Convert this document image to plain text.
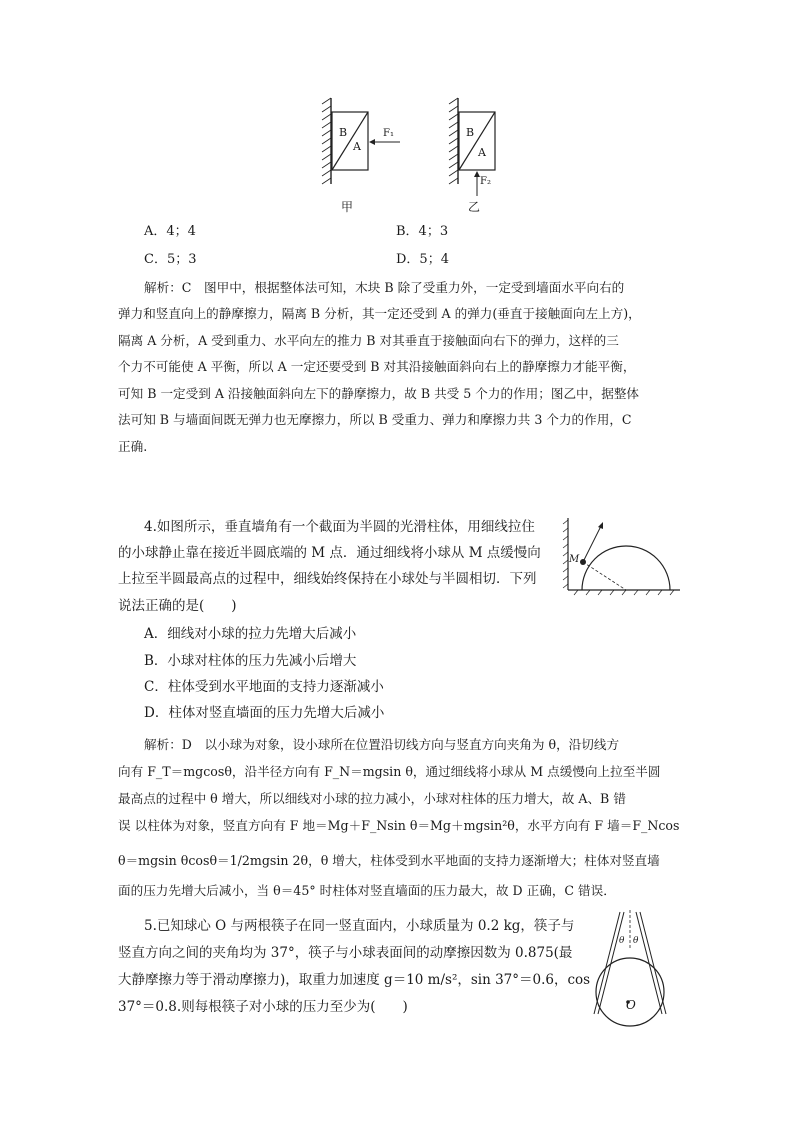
B
A
F₁	B
A
F₂
甲	乙
A．4；4	B．4；3
C．5；3	D．5；4
解析：C　图甲中，根据整体法可知，木块 B 除了受重力外，一定受到墙面水平向右的
弹力和竖直向上的静摩擦力，隔离 B 分析，其一定还受到 A 的弹力(垂直于接触面向左上方)，
隔离 A 分析，A 受到重力、水平向左的推力 B 对其垂直于接触面向右下的弹力，这样的三
个力不可能使 A 平衡，所以 A 一定还要受到 B 对其沿接触面斜向右上的静摩擦力才能平衡，
可知 B 一定受到 A 沿接触面斜向左下的静摩擦力，故 B 共受 5 个力的作用；图乙中，据整体
法可知 B 与墙面间既无弹力也无摩擦力，所以 B 受重力、弹力和摩擦力共 3 个力的作用，C
正确.
4.如图所示，垂直墙角有一个截面为半圆的光滑柱体，用细线拉住
的小球静止靠在接近半圆底端的 M 点．通过细线将小球从 M 点缓慢向
上拉至半圆最高点的过程中，细线始终保持在小球处与半圆相切．下列
说法正确的是(　　)
M
A．细线对小球的拉力先增大后减小
B．小球对柱体的压力先减小后增大
C．柱体受到水平地面的支持力逐渐减小
D．柱体对竖直墙面的压力先增大后减小
解析：D　以小球为对象，设小球所在位置沿切线方向与竖直方向夹角为 θ，沿切线方
向有 F_T＝mgcosθ，沿半径方向有 F_N＝mgsin θ，通过细线将小球从 M 点缓慢向上拉至半圆
最高点的过程中 θ 增大，所以细线对小球的拉力减小，小球对柱体的压力增大，故 A、B 错
误 以柱体为对象，竖直方向有 F 地＝Mg＋F_Nsin θ＝Mg＋mgsin²θ，水平方向有 F 墙＝F_Ncos
θ＝mgsin θcosθ＝1/2mgsin 2θ，θ 增大，柱体受到水平地面的支持力逐渐增大；柱体对竖直墙
面的压力先增大后减小，当 θ＝45° 时柱体对竖直墙面的压力最大，故 D 正确，C 错误．
5.已知球心 O 与两根筷子在同一竖直面内，小球质量为 0.2 kg，筷子与
竖直方向之间的夹角均为 37°，筷子与小球表面间的动摩擦因数为 0.875(最
大静摩擦力等于滑动摩擦力)，取重力加速度 g＝10 m/s²，sin 37°＝0.6，cos
37°＝0.8.则每根筷子对小球的压力至少为(　　)	O
θ θ
